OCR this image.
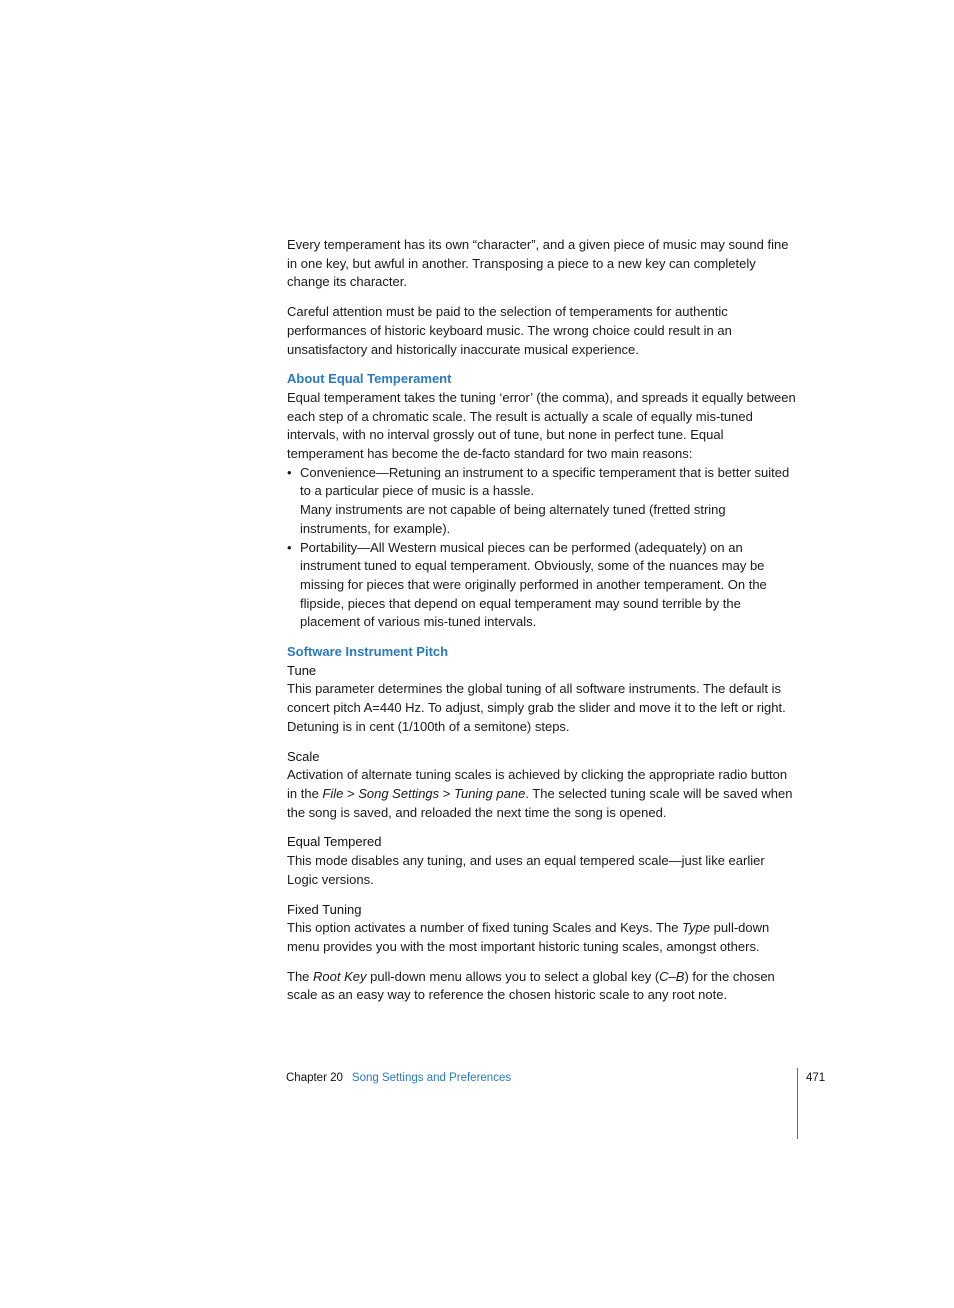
Every temperament has its own “character”, and a given piece of music may sound fine in one key, but awful in another. Transposing a piece to a new key can completely change its character.

Careful attention must be paid to the selection of temperaments for authentic performances of historic keyboard music. The wrong choice could result in an unsatisfactory and historically inaccurate musical experience.

About Equal Temperament

Equal temperament takes the tuning ‘error’ (the comma), and spreads it equally between each step of a chromatic scale. The result is actually a scale of equally mis-tuned intervals, with no interval grossly out of tune, but none in perfect tune. Equal temperament has become the de-facto standard for two main reasons:

• Convenience—Retuning an instrument to a specific temperament that is better suited to a particular piece of music is a hassle.
Many instruments are not capable of being alternately tuned (fretted string instruments, for example).
• Portability—All Western musical pieces can be performed (adequately) on an instrument tuned to equal temperament. Obviously, some of the nuances may be missing for pieces that were originally performed in another temperament. On the flipside, pieces that depend on equal temperament may sound terrible by the placement of various mis-tuned intervals.
Software Instrument Pitch

Tune

This parameter determines the global tuning of all software instruments. The default is concert pitch A=440 Hz. To adjust, simply grab the slider and move it to the left or right. Detuning is in cent (1/100th of a semitone) steps.

Scale

Activation of alternate tuning scales is achieved by clicking the appropriate radio button in the File > Song Settings > Tuning pane. The selected tuning scale will be saved when the song is saved, and reloaded the next time the song is opened.

Equal Tempered

This mode disables any tuning, and uses an equal tempered scale—just like earlier Logic versions.

Fixed Tuning

This option activates a number of fixed tuning Scales and Keys. The Type pull-down menu provides you with the most important historic tuning scales, amongst others.

The Root Key pull-down menu allows you to select a global key (C–B) for the chosen scale as an easy way to reference the chosen historic scale to any root note.

Chapter 20 Song Settings and Preferences	471
